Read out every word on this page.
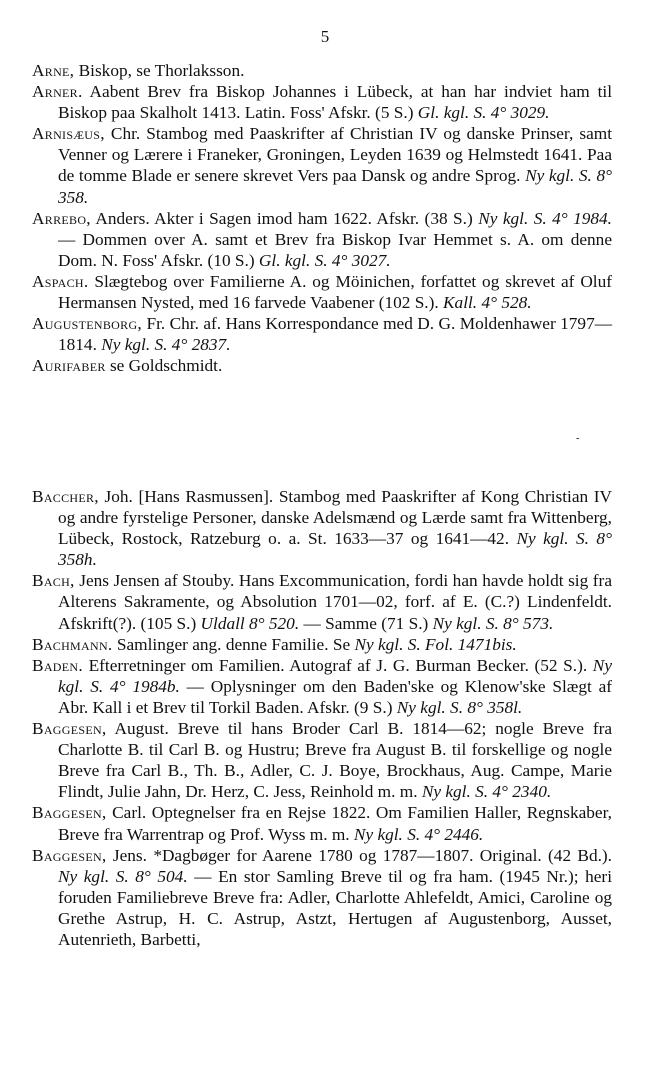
5

Arne, Biskop, se Thorlaksson.

Arner. Aabent Brev fra Biskop Johannes i Lübeck, at han har indviet ham til Biskop paa Skalholt 1413. Latin. Foss' Afskr. (5 S.) Gl. kgl. S. 4° 3029.

Arnisæus, Chr. Stambog med Paaskrifter af Christian IV og danske Prinser, samt Venner og Lærere i Franeker, Groningen, Leyden 1639 og Helmstedt 1641. Paa de tomme Blade er senere skrevet Vers paa Dansk og andre Sprog. Ny kgl. S. 8° 358.

Arrebo, Anders. Akter i Sagen imod ham 1622. Afskr. (38 S.) Ny kgl. S. 4° 1984. — Dommen over A. samt et Brev fra Biskop Ivar Hemmet s. A. om denne Dom. N. Foss' Afskr. (10 S.) Gl. kgl. S. 4° 3027.

Aspach. Slægtebog over Familierne A. og Möinichen, forfattet og skrevet af Oluf Hermansen Nysted, med 16 farvede Vaabener (102 S.). Kall. 4° 528.

Augustenborg, Fr. Chr. af. Hans Korrespondance med D. G. Moldenhawer 1797—1814. Ny kgl. S. 4° 2837.

Aurifaber se Goldschmidt.

-

Baccher, Joh. [Hans Rasmussen]. Stambog med Paaskrifter af Kong Christian IV og andre fyrstelige Personer, danske Adelsmænd og Lærde samt fra Wittenberg, Lübeck, Rostock, Ratzeburg o. a. St. 1633—37 og 1641—42. Ny kgl. S. 8° 358h.

Bach, Jens Jensen af Stouby. Hans Excommunication, fordi han havde holdt sig fra Alterens Sakramente, og Absolution 1701—02, forf. af E. (C.?) Lindenfeldt. Afskrift(?). (105 S.) Uldall 8° 520. — Samme (71 S.) Ny kgl. S. 8° 573.

Bachmann. Samlinger ang. denne Familie. Se Ny kgl. S. Fol. 1471bis.

Baden. Efterretninger om Familien. Autograf af J. G. Burman Becker. (52 S.). Ny kgl. S. 4° 1984b. — Oplysninger om den Baden'ske og Klenow'ske Slægt af Abr. Kall i et Brev til Torkil Baden. Afskr. (9 S.) Ny kgl. S. 8° 358l.

Baggesen, August. Breve til hans Broder Carl B. 1814—62; nogle Breve fra Charlotte B. til Carl B. og Hustru; Breve fra August B. til forskellige og nogle Breve fra Carl B., Th. B., Adler, C. J. Boye, Brockhaus, Aug. Campe, Marie Flindt, Julie Jahn, Dr. Herz, C. Jess, Reinhold m. m. Ny kgl. S. 4° 2340.

Baggesen, Carl. Optegnelser fra en Rejse 1822. Om Familien Haller, Regnskaber, Breve fra Warrentrap og Prof. Wyss m. m. Ny kgl. S. 4° 2446.

Baggesen, Jens. *Dagbøger for Aarene 1780 og 1787—1807. Original. (42 Bd.). Ny kgl. S. 8° 504. — En stor Samling Breve til og fra ham. (1945 Nr.); heri foruden Familiebreve Breve fra: Adler, Charlotte Ahlefeldt, Amici, Caroline og Grethe Astrup, H. C. Astrup, Astzt, Hertugen af Augustenborg, Ausset, Autenrieth, Barbetti,
